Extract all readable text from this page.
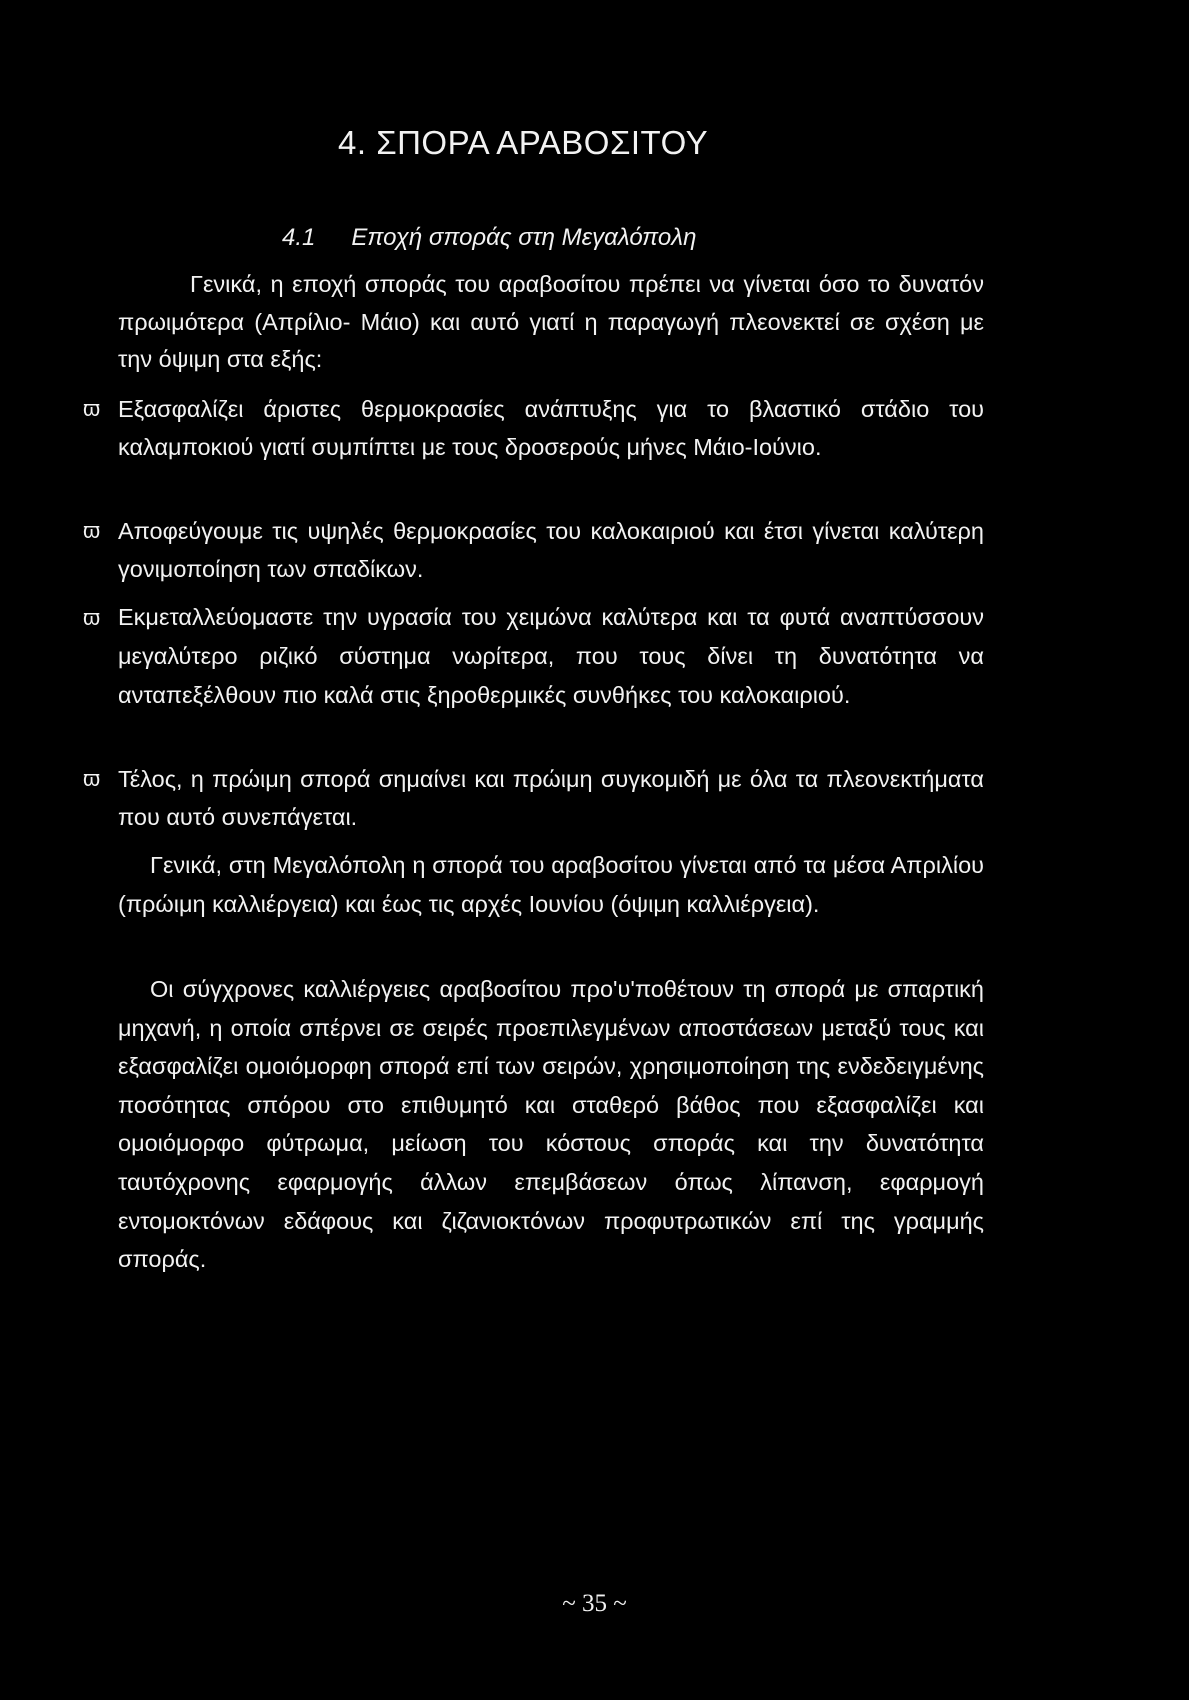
4. ΣΠΟΡΑ ΑΡΑΒΟΣΙΤΟΥ
4.1 Εποχή σποράς στη Μεγαλόπολη

Γενικά, η εποχή σποράς του αραβοσίτου πρέπει να γίνεται όσο το δυνατόν πρωιμότερα (Απρίλιο- Μάιο) και αυτό γιατί η παραγωγή πλεονεκτεί σε σχέση με την όψιμη στα εξής:

ϖ Εξασφαλίζει άριστες θερμοκρασίες ανάπτυξης για το βλαστικό στάδιο του καλαμποκιού γιατί συμπίπτει με τους δροσερούς μήνες Μάιο-Ιούνιο.
ϖ Αποφεύγουμε τις υψηλές θερμοκρασίες του καλοκαιριού και έτσι γίνεται καλύτερη γονιμοποίηση των σπαδίκων.
ϖ Εκμεταλλεύομαστε την υγρασία του χειμώνα καλύτερα και τα φυτά αναπτύσσουν μεγαλύτερο ριζικό σύστημα νωρίτερα, που τους δίνει τη δυνατότητα να ανταπεξέλθουν πιο καλά στις ξηροθερμικές συνθήκες του καλοκαιριού.
ϖ Τέλος, η πρώιμη σπορά σημαίνει και πρώιμη συγκομιδή με όλα τα πλεονεκτήματα που αυτό συνεπάγεται.

Γενικά, στη Μεγαλόπολη η σπορά του αραβοσίτου γίνεται από τα μέσα Απριλίου (πρώιμη καλλιέργεια) και έως τις αρχές Ιουνίου (όψιμη καλλιέργεια).

Οι σύγχρονες καλλιέργειες αραβοσίτου προ'υ'ποθέτουν τη σπορά με σπαρτική μηχανή, η οποία σπέρνει σε σειρές προεπιλεγμένων αποστάσεων μεταξύ τους και εξασφαλίζει ομοιόμορφη σπορά επί των σειρών, χρησιμοποίηση της ενδεδειγμένης ποσότητας σπόρου στο επιθυμητό και σταθερό βάθος που εξασφαλίζει και ομοιόμορφο φύτρωμα, μείωση του κόστους σποράς και την δυνατότητα ταυτόχρονης εφαρμογής άλλων επεμβάσεων όπως λίπανση, εφαρμογή εντομοκτόνων εδάφους και ζιζανιοκτόνων προφυτρωτικών επί της γραμμής σποράς.

~ 35 ~
